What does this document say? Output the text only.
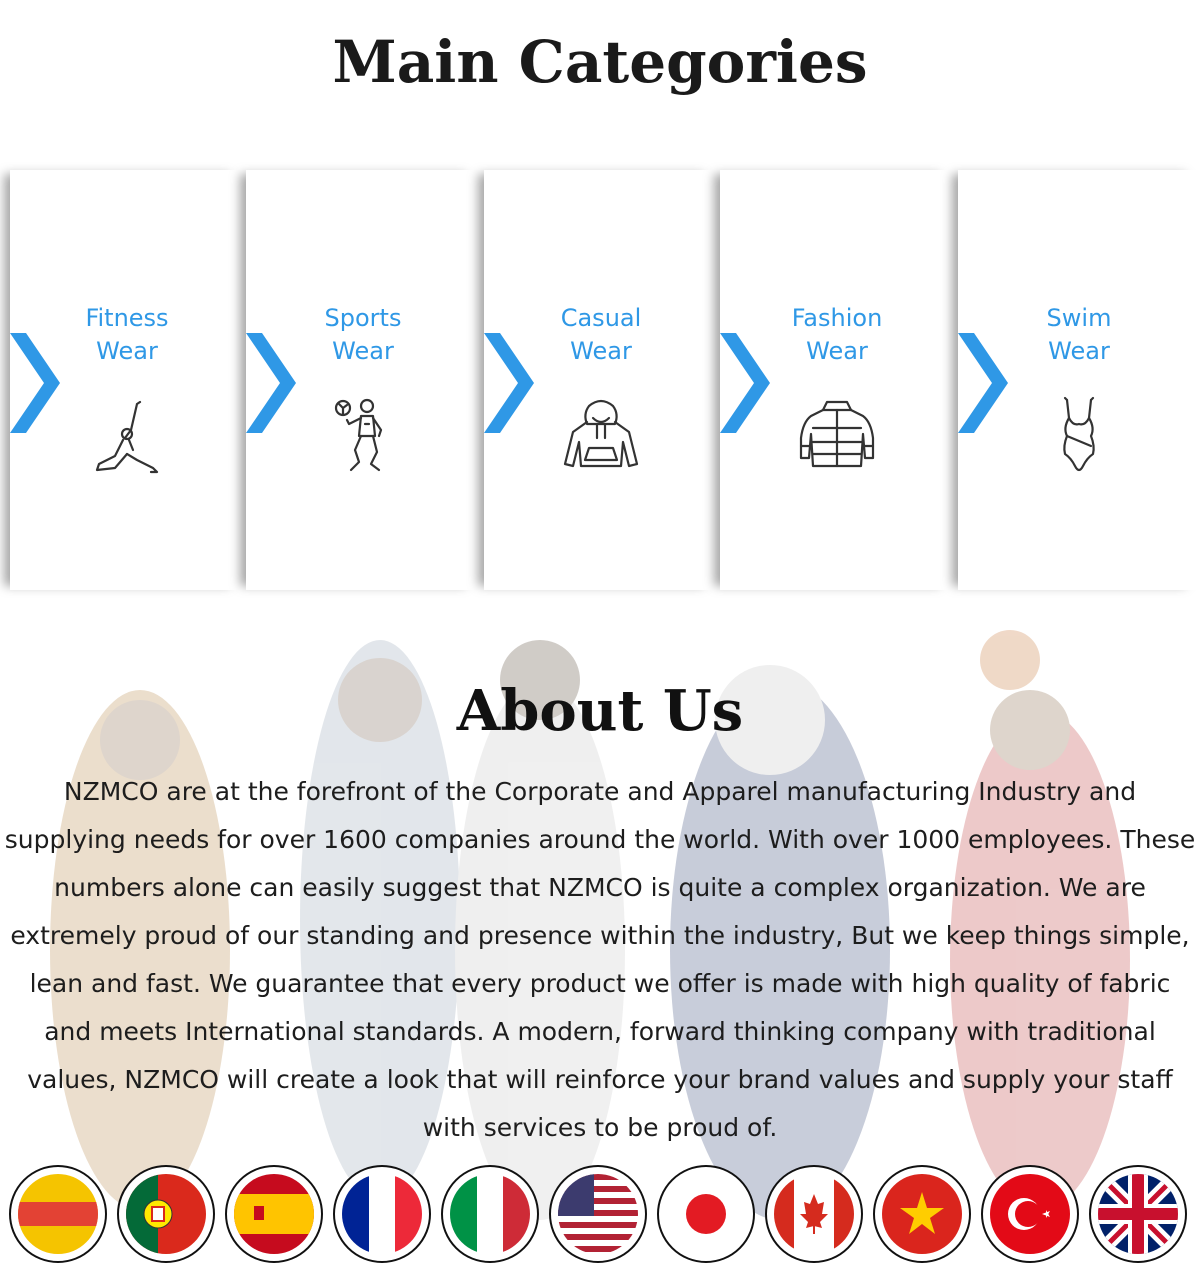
Main Categories
Fitness
Wear
Sports
Wear
Casual
Wear
Fashion
Wear
Swim
Wear
About Us

NZMCO are at the forefront of the Corporate and Apparel manufacturing Industry and supplying needs for over 1600 companies around the world. With over 1000 employees. These numbers alone can easily suggest that NZMCO is quite a complex organization. We are extremely proud of our standing and presence within the industry, But we keep things simple, lean and fast. We guarantee that every product we offer is made with high quality of fabric and meets International standards. A modern, forward thinking company with traditional values, NZMCO will create a look that will reinforce your brand values and supply your staff with services to be proud of.
